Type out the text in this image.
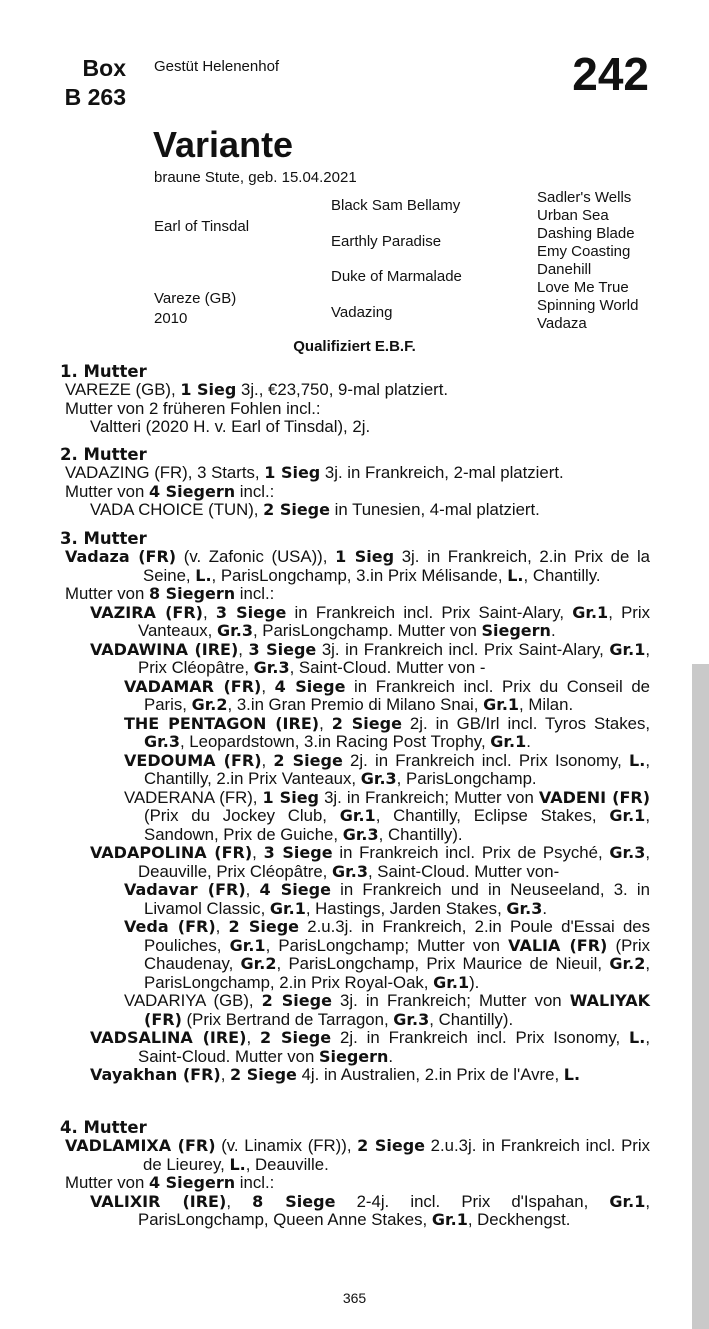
Box
B 263
Gestüt Helenenhof	242
Variante
braune Stute, geb. 15.04.2021
Earl of Tinsdal
Vareze (GB)
2010
Black Sam Bellamy
Earthly Paradise
Duke of Marmalade
Vadazing
Sadler's Wells
Urban Sea
Dashing Blade
Emy Coasting
Danehill
Love Me True
Spinning World
Vadaza
Qualifiziert E.B.F.
1. Mutter
VAREZE (GB), 1 Sieg 3j., €23,750, 9-mal platziert.
Mutter von 2 früheren Fohlen incl.:
Valtteri (2020 H. v. Earl of Tinsdal), 2j.
2. Mutter
VADAZING (FR), 3 Starts, 1 Sieg 3j. in Frankreich, 2-mal platziert.
Mutter von 4 Siegern incl.:
VADA CHOICE (TUN), 2 Siege in Tunesien, 4-mal platziert.
3. Mutter
Vadaza (FR) (v. Zafonic (USA)), 1 Sieg 3j. in Frankreich, 2.in Prix de la Seine, L., ParisLongchamp, 3.in Prix Mélisande, L., Chantilly.
Mutter von 8 Siegern incl.:
VAZIRA (FR), 3 Siege in Frankreich incl. Prix Saint-Alary, Gr.1, Prix Vanteaux, Gr.3, ParisLongchamp. Mutter von Siegern.
VADAWINA (IRE), 3 Siege 3j. in Frankreich incl. Prix Saint-Alary, Gr.1, Prix Cléopâtre, Gr.3, Saint-Cloud. Mutter von -
VADAMAR (FR), 4 Siege in Frankreich incl. Prix du Conseil de Paris, Gr.2, 3.in Gran Premio di Milano Snai, Gr.1, Milan.
THE PENTAGON (IRE), 2 Siege 2j. in GB/Irl incl. Tyros Stakes, Gr.3, Leopardstown, 3.in Racing Post Trophy, Gr.1.
VEDOUMA (FR), 2 Siege 2j. in Frankreich incl. Prix Isonomy, L., Chantilly, 2.in Prix Vanteaux, Gr.3, ParisLongchamp.
VADERANA (FR), 1 Sieg 3j. in Frankreich; Mutter von VADENI (FR) (Prix du Jockey Club, Gr.1, Chantilly, Eclipse Stakes, Gr.1, Sandown, Prix de Guiche, Gr.3, Chantilly).
VADAPOLINA (FR), 3 Siege in Frankreich incl. Prix de Psyché, Gr.3, Deauville, Prix Cléopâtre, Gr.3, Saint-Cloud. Mutter von-
Vadavar (FR), 4 Siege in Frankreich und in Neuseeland, 3. in Livamol Classic, Gr.1, Hastings, Jarden Stakes, Gr.3.
Veda (FR), 2 Siege 2.u.3j. in Frankreich, 2.in Poule d'Essai des Pouliches, Gr.1, ParisLongchamp; Mutter von VALIA (FR) (Prix Chaudenay, Gr.2, ParisLongchamp, Prix Maurice de Nieuil, Gr.2, ParisLongchamp, 2.in Prix Royal-Oak, Gr.1).
VADARIYA (GB), 2 Siege 3j. in Frankreich; Mutter von WALIYAK (FR) (Prix Bertrand de Tarragon, Gr.3, Chantilly).
VADSALINA (IRE), 2 Siege 2j. in Frankreich incl. Prix Isonomy, L., Saint-Cloud. Mutter von Siegern.
Vayakhan (FR), 2 Siege 4j. in Australien, 2.in Prix de l'Avre, L.
4. Mutter
VADLAMIXA (FR) (v. Linamix (FR)), 2 Siege 2.u.3j. in Frankreich incl. Prix de Lieurey, L., Deauville.
Mutter von 4 Siegern incl.:
VALIXIR (IRE), 8 Siege 2-4j. incl. Prix d'Ispahan, Gr.1, ParisLongchamp, Queen Anne Stakes, Gr.1, Deckhengst.
365
